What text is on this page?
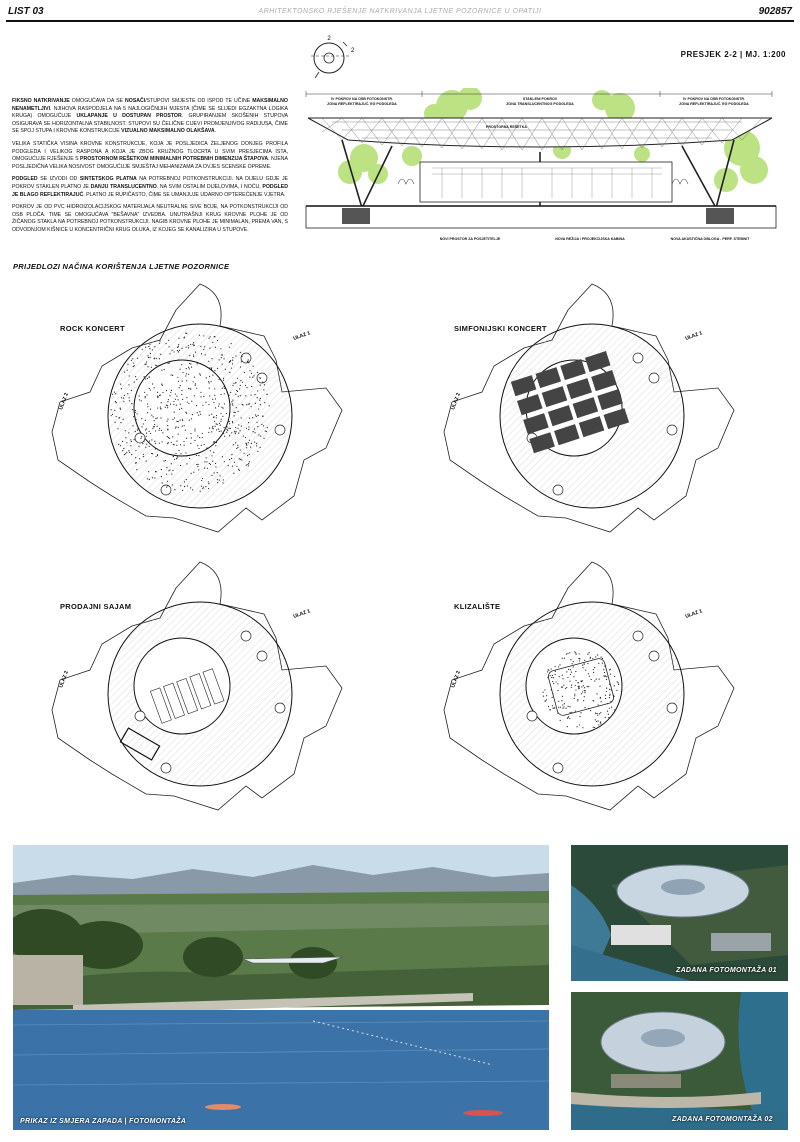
LIST 03	ARHITEKTONSKO RJEŠENJE NATKRIVANJA LJETNE POZORNICE U OPATIJI	902857
2
2	PRESJEK 2-2 | MJ. 1:200

FIKSNO NATKRIVANJE OMOGUĆAVA DA SE NOSAČI/STUPOVI SMJESTE OD ISPOD TE UČINE MAKSIMALNO NENAMETLJIVI. NJIHOVA RASPODJELA NA 5 NAJLOGIČNIJIH MJESTA (ČIME SE SLIJEDI EGZAKTNA LOGIKA KRUGA) OMOGUĆUJE UKLAPANJE U DOSTUPAN PROSTOR. GRUPIRANJEM SKOŠENIH STUPOVA OSIGURAVA SE HORIZONTALNA STABILNOST. STUPOVI SU ČELIČNE CIJEVI PROMJENJIVOG RADIJUSA, ČIME SE SPOJ STUPA I KROVNE KONSTRUKCIJE VIZUALNO MAKSIMALNO OLAKŠAVA.

VELIKA STATIČKA VISINA KROVNE KONSTRUKCIJE, KOJA JE POSLJEDICA ŽELJENOG DONJEG PROFILA PODGLEDA I VELIKOG RASPONA A KOJA JE ZBOG KRUŽNOG TLOCRTA U SVIM PRESJECIMA ISTA, OMOGUĆUJE RJEŠENJE S PROSTORNOM REŠETKOM MINIMALNIH POTREBNIH DIMENZIJA ŠTAPOVA. NJENA POSLJEDIČNA VELIKA NOSIVOST OMOGUĆUJE SMJEŠTAJ MEHANIZAMA ZA OVJES SCENSKE OPREME.

PODGLED SE IZVODI OD SINTETSKOG PLATNA NA POTREBNOJ POTKONSTRUKCIJI. NA DIJELU GDJE JE POKROV STAKLEN PLATNO JE DANJU TRANSLUCENTNO. NA SVIM OSTALIM DIJELOVIMA, I NOĆU, PODGLED JE BLAGO REFLEKTIRAJUĆ. PLATNO JE RUPIČASTO, ČIME SE UMANJUJE UDARNO OPTEREĆENJE VJETRA.

POKROV JE OD PVC HIDROIZOLACIJSKOG MATERIJALA NEUTRALNE SIVE BOJE, NA POTKONSTRUKCIJI OD OSB PLOČA. TIME SE OMOGUĆAVA "BEŠAVNA" IZVEDBA. UNUTRAŠNJI KRUG KROVNE PLOHE JE OD ŽIČANOG STAKLA NA POTREBNOJ POTKONSTRUKCIJI. NAGIB KROVNE PLOHE JE MINIMALAN, PREMA VAN, S ODVODNJOM KIŠNICE U KONCENTRIČNI KRUG OLUKA, IZ KOJEG SE KANALIZIRA U STUPOVE.

IV POKROV NA OSB FOTOKONSTR.
ZONA REFLEKTIRAJUĆ. EG PODGLEDA
STAKLENI POKROV
ZONA TRANSLUCENTNOG PODGLEDA
IV POKROV NA OSB FOTOKONSTR.
ZONA REFLEKTIRAJUĆ. EG PODGLEDA
PROSTORNA REŠETKA
NOVI PROSTOR ZA POSJETITELJE	NOVA REŽIJA / PROJEKCIJSKA KABINA	NOVA AKUSTIČNA OBLOGA - PERF. STEMNIT
PRIJEDLOZI NAČINA KORIŠTENJA LJETNE POZORNICE
ULAZ 1
ULAZ 2
ROCK KONCERT
ULAZ 1
ULAZ 2
SIMFONIJSKI KONCERT
ULAZ 1
ULAZ 2
PRODAJNI SAJAM
ULAZ 1
ULAZ 2
KLIZALIŠTE
PRIKAZ IZ SMJERA ZAPADA | FOTOMONTAŽA
ZADANA FOTOMONTAŽA 01
ZADANA FOTOMONTAŽA 02
